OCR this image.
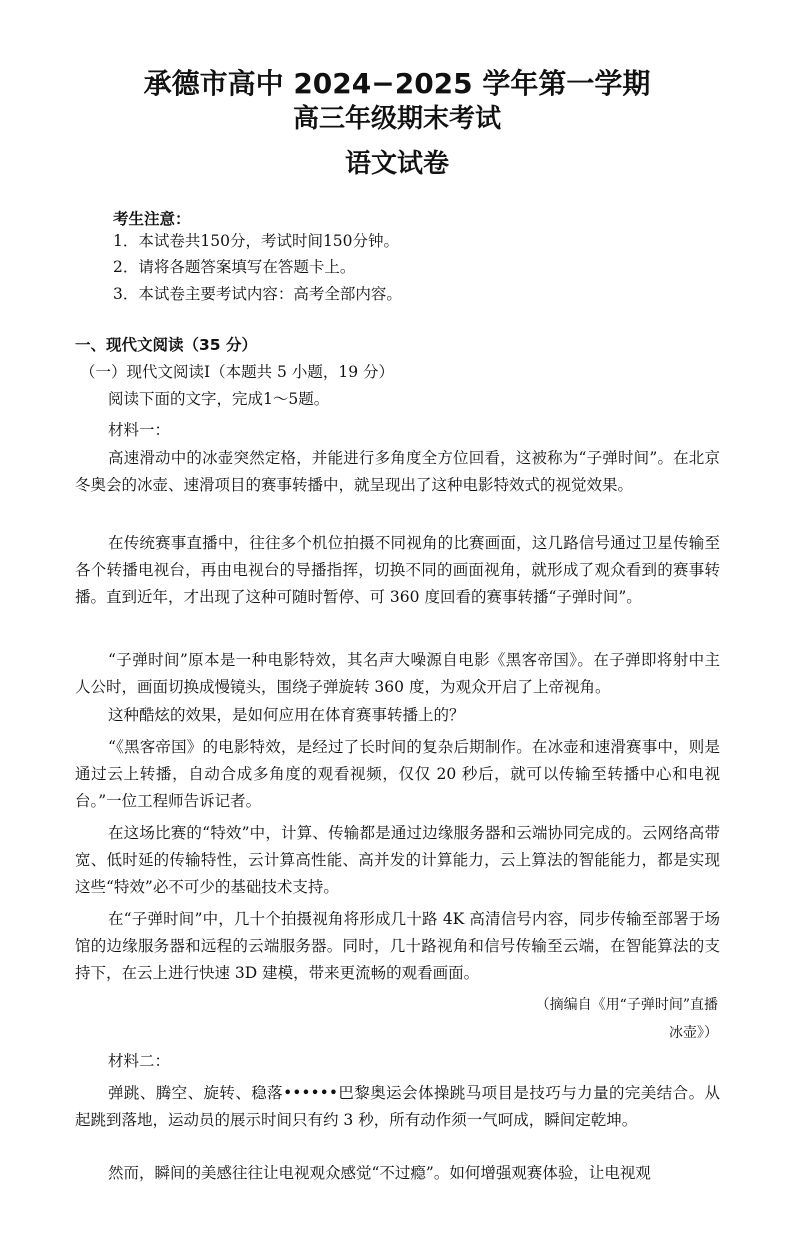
承德市高中 2024−2025 学年第一学期
高三年级期末考试
语文试卷
考生注意：
1．本试卷共150分，考试时间150分钟。
2．请将各题答案填写在答题卡上。
3．本试卷主要考试内容：高考全部内容。
一、现代文阅读（35 分）
（一）现代文阅读Ⅰ（本题共 5 小题，19 分）
阅读下面的文字，完成1～5题。
材料一：

高速滑动中的冰壶突然定格，并能进行多角度全方位回看，这被称为“子弹时间”。在北京冬奥会的冰壶、速滑项目的赛事转播中，就呈现出了这种电影特效式的视觉效果。

在传统赛事直播中，往往多个机位拍摄不同视角的比赛画面，这几路信号通过卫星传输至各个转播电视台，再由电视台的导播指挥，切换不同的画面视角，就形成了观众看到的赛事转播。直到近年，才出现了这种可随时暂停、可 360 度回看的赛事转播“子弹时间”。

“子弹时间”原本是一种电影特效，其名声大噪源自电影《黑客帝国》。在子弹即将射中主人公时，画面切换成慢镜头，围绕子弹旋转 360 度，为观众开启了上帝视角。

这种酷炫的效果，是如何应用在体育赛事转播上的？

“《黑客帝国》的电影特效，是经过了长时间的复杂后期制作。在冰壶和速滑赛事中，则是通过云上转播，自动合成多角度的观看视频，仅仅 20 秒后，就可以传输至转播中心和电视台。”一位工程师告诉记者。

在这场比赛的“特效”中，计算、传输都是通过边缘服务器和云端协同完成的。云网络高带宽、低时延的传输特性，云计算高性能、高并发的计算能力，云上算法的智能能力，都是实现这些“特效”必不可少的基础技术支持。

在“子弹时间”中，几十个拍摄视角将形成几十路 4K 高清信号内容，同步传输至部署于场馆的边缘服务器和远程的云端服务器。同时，几十路视角和信号传输至云端，在智能算法的支持下，在云上进行快速 3D 建模，带来更流畅的观看画面。

（摘编自《用“子弹时间”直播
冰壶》）
材料二：

弹跳、腾空、旋转、稳落••••••巴黎奥运会体操跳马项目是技巧与力量的完美结合。从起跳到落地，运动员的展示时间只有约 3 秒，所有动作须一气呵成，瞬间定乾坤。

然而，瞬间的美感往往让电视观众感觉“不过瘾”。如何增强观赛体验，让电视观
